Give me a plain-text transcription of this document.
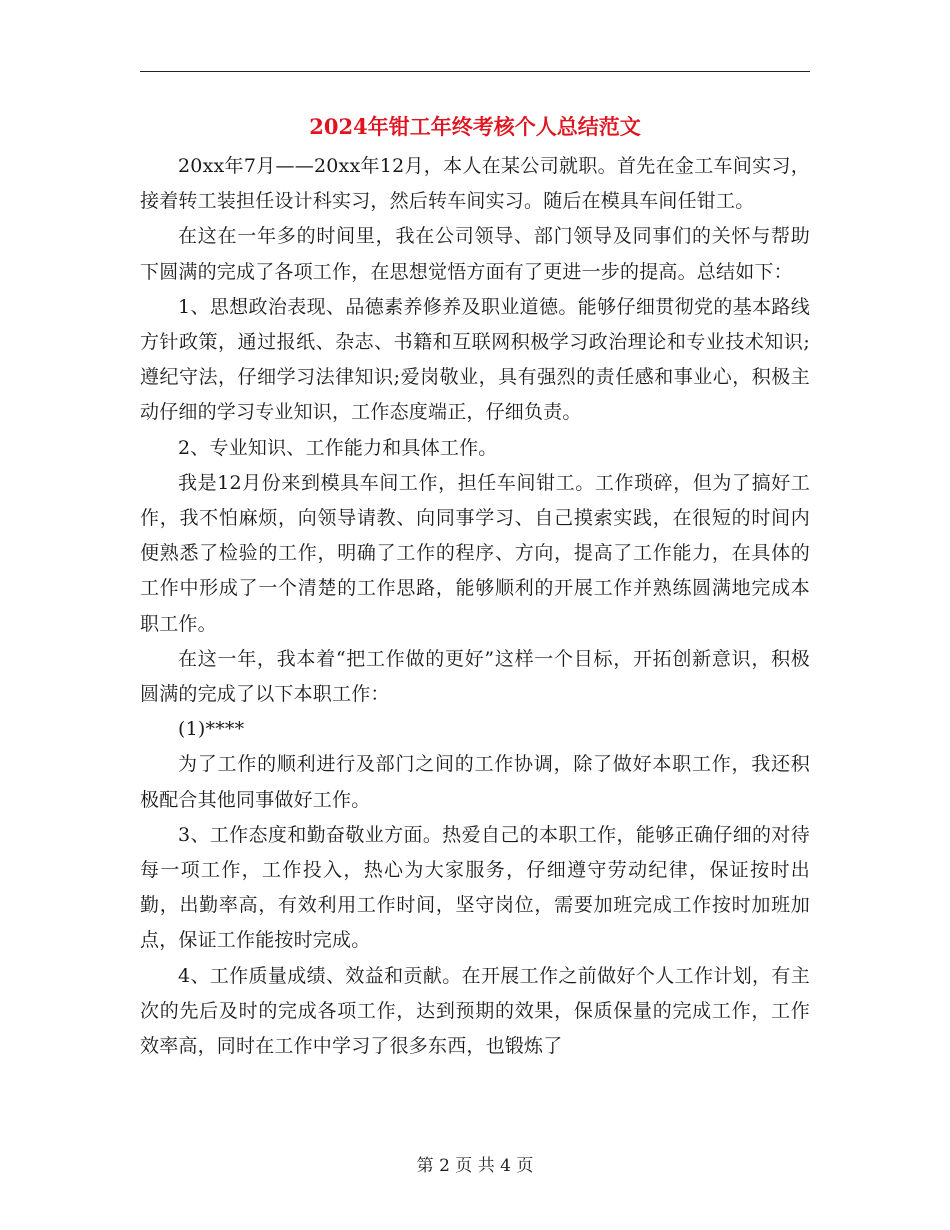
2024年钳工年终考核个人总结范文

20xx年7月——20xx年12月，本人在某公司就职。首先在金工车间实习，接着转工装担任设计科实习，然后转车间实习。随后在模具车间任钳工。

在这在一年多的时间里，我在公司领导、部门领导及同事们的关怀与帮助下圆满的完成了各项工作，在思想觉悟方面有了更进一步的提高。总结如下：

1、思想政治表现、品德素养修养及职业道德。能够仔细贯彻党的基本路线方针政策，通过报纸、杂志、书籍和互联网积极学习政治理论和专业技术知识;遵纪守法，仔细学习法律知识;爱岗敬业，具有强烈的责任感和事业心，积极主动仔细的学习专业知识，工作态度端正，仔细负责。

2、专业知识、工作能力和具体工作。

我是12月份来到模具车间工作，担任车间钳工。工作琐碎，但为了搞好工作，我不怕麻烦，向领导请教、向同事学习、自己摸索实践，在很短的时间内便熟悉了检验的工作，明确了工作的程序、方向，提高了工作能力，在具体的工作中形成了一个清楚的工作思路，能够顺利的开展工作并熟练圆满地完成本职工作。

在这一年，我本着“把工作做的更好”这样一个目标，开拓创新意识，积极圆满的完成了以下本职工作：

(1)****

为了工作的顺利进行及部门之间的工作协调，除了做好本职工作，我还积极配合其他同事做好工作。

3、工作态度和勤奋敬业方面。热爱自己的本职工作，能够正确仔细的对待每一项工作，工作投入，热心为大家服务，仔细遵守劳动纪律，保证按时出勤，出勤率高，有效利用工作时间，坚守岗位，需要加班完成工作按时加班加点，保证工作能按时完成。

4、工作质量成绩、效益和贡献。在开展工作之前做好个人工作计划，有主次的先后及时的完成各项工作，达到预期的效果，保质保量的完成工作，工作效率高，同时在工作中学习了很多东西，也锻炼了

第 2 页 共 4 页
